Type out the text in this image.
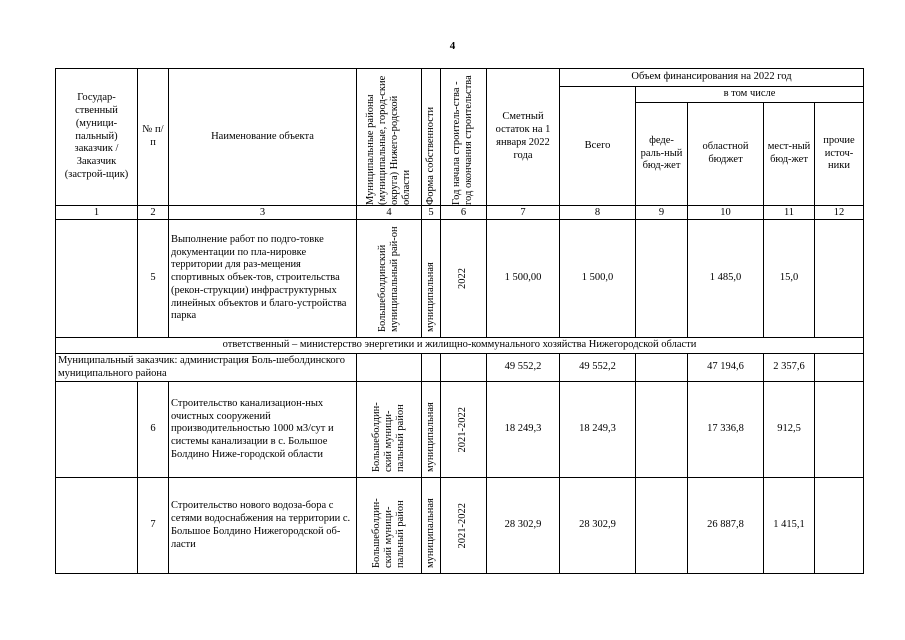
4
Государ-ственный (муници-пальный) заказчик / Заказчик (застрой-щик)	№ п/п	Наименование объекта	Муниципальные районы (муниципальные, город-ские округа) Нижего-родской области	Форма собственности	Год начала строитель-ства - год окончания строительства	Сметный остаток на 1 января 2022 года	Объем финансирования на 2022 год				
							Всего	в том числе			
								феде-раль-ный бюд-жет	областной бюджет	мест-ный бюд-жет	прочие источ-ники
1	2	3	4	5	6	7	8	9	10	11	12
	5	Выполнение работ по подго-товке документации по пла-нировке территории для раз-мещения спортивных объек-тов, строительства (рекон-струкции) инфраструктурных линейных объектов и благо-устройства парка	Большеболдинский муниципальный рай-он	муниципальная	2022	1 500,00	1 500,0		1 485,0	15,0	
ответственный – министерство энергетики и жилищно-коммунального хозяйства Нижегородской области											
Муниципальный заказчик: администрация Боль-шеболдинского муниципального района						49 552,2	49 552,2		47 194,6	2 357,6	
	6	Строительство канализацион-ных очистных сооружений производительностью 1000 м3/сут и системы канализации в с. Большое Болдино Ниже-городской области	Большеболдин-ский муници-пальный район	муниципальная	2021-2022	18 249,3	18 249,3		17 336,8	912,5	
	7	Строительство нового водоза-бора с сетями водоснабжения на территории с. Большое Болдино Нижегородской об-ласти	Большеболдин-ский муници-пальный район	муниципальная	2021-2022	28 302,9	28 302,9		26 887,8	1 415,1	
